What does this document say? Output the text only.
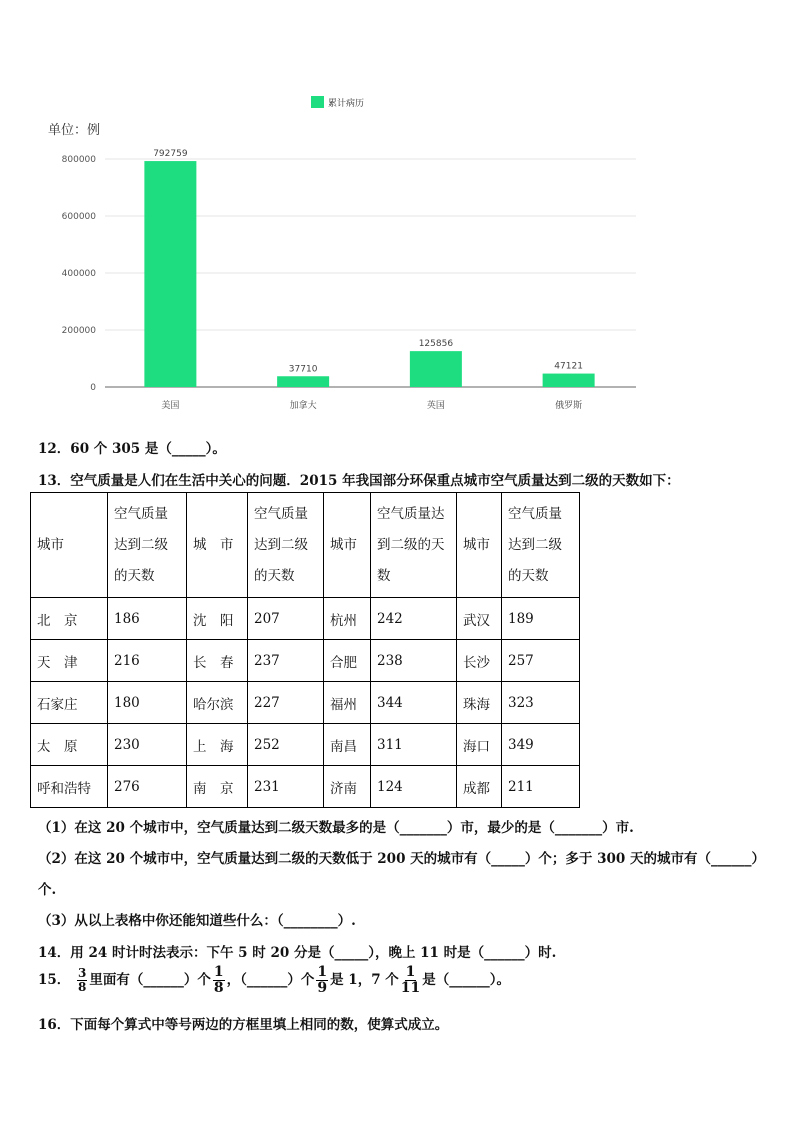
0
200000
400000
600000
800000
792759
37710
125856
47121
美国	加拿大	英国	俄罗斯
累计病历
单位：例
12．60 个 305 是（_____）。
13．空气质量是人们在生活中关心的问题．2015 年我国部分环保重点城市空气质量达到二级的天数如下：
城市	空气质量达到二级的天数	城　市	空气质量达到二级的天数	城市	空气质量达到二级的天数	城市	空气质量达到二级的天数
北　京	186	沈　阳	207	杭州	242	武汉	189
天　津	216	长　春	237	合肥	238	长沙	257
石家庄	180	哈尔滨	227	福州	344	珠海	323
太　原	230	上　海	252	南昌	311	海口	349
呼和浩特	276	南　京	231	济南	124	成都	211
（1）在这 20 个城市中，空气质量达到二级天数最多的是（_______）市，最少的是（_______）市.
（2）在这 20 个城市中，空气质量达到二级的天数低于 200 天的城市有（_____）个；多于 300 天的城市有（______）
个.
（3）从以上表格中你还能知道些什么：（________）.
14．用 24 时计时法表示：下午 5 时 20 分是（_____），晚上 11 时是（______）时.
15． $\frac{3}{8}$ 里面有（______）个 $\frac{1}{8}$ ，（______）个 $\frac{1}{9}$ 是 1，7 个 $\frac{1}{11}$ 是（______）。
16．下面每个算式中等号两边的方框里填上相同的数，使算式成立。
